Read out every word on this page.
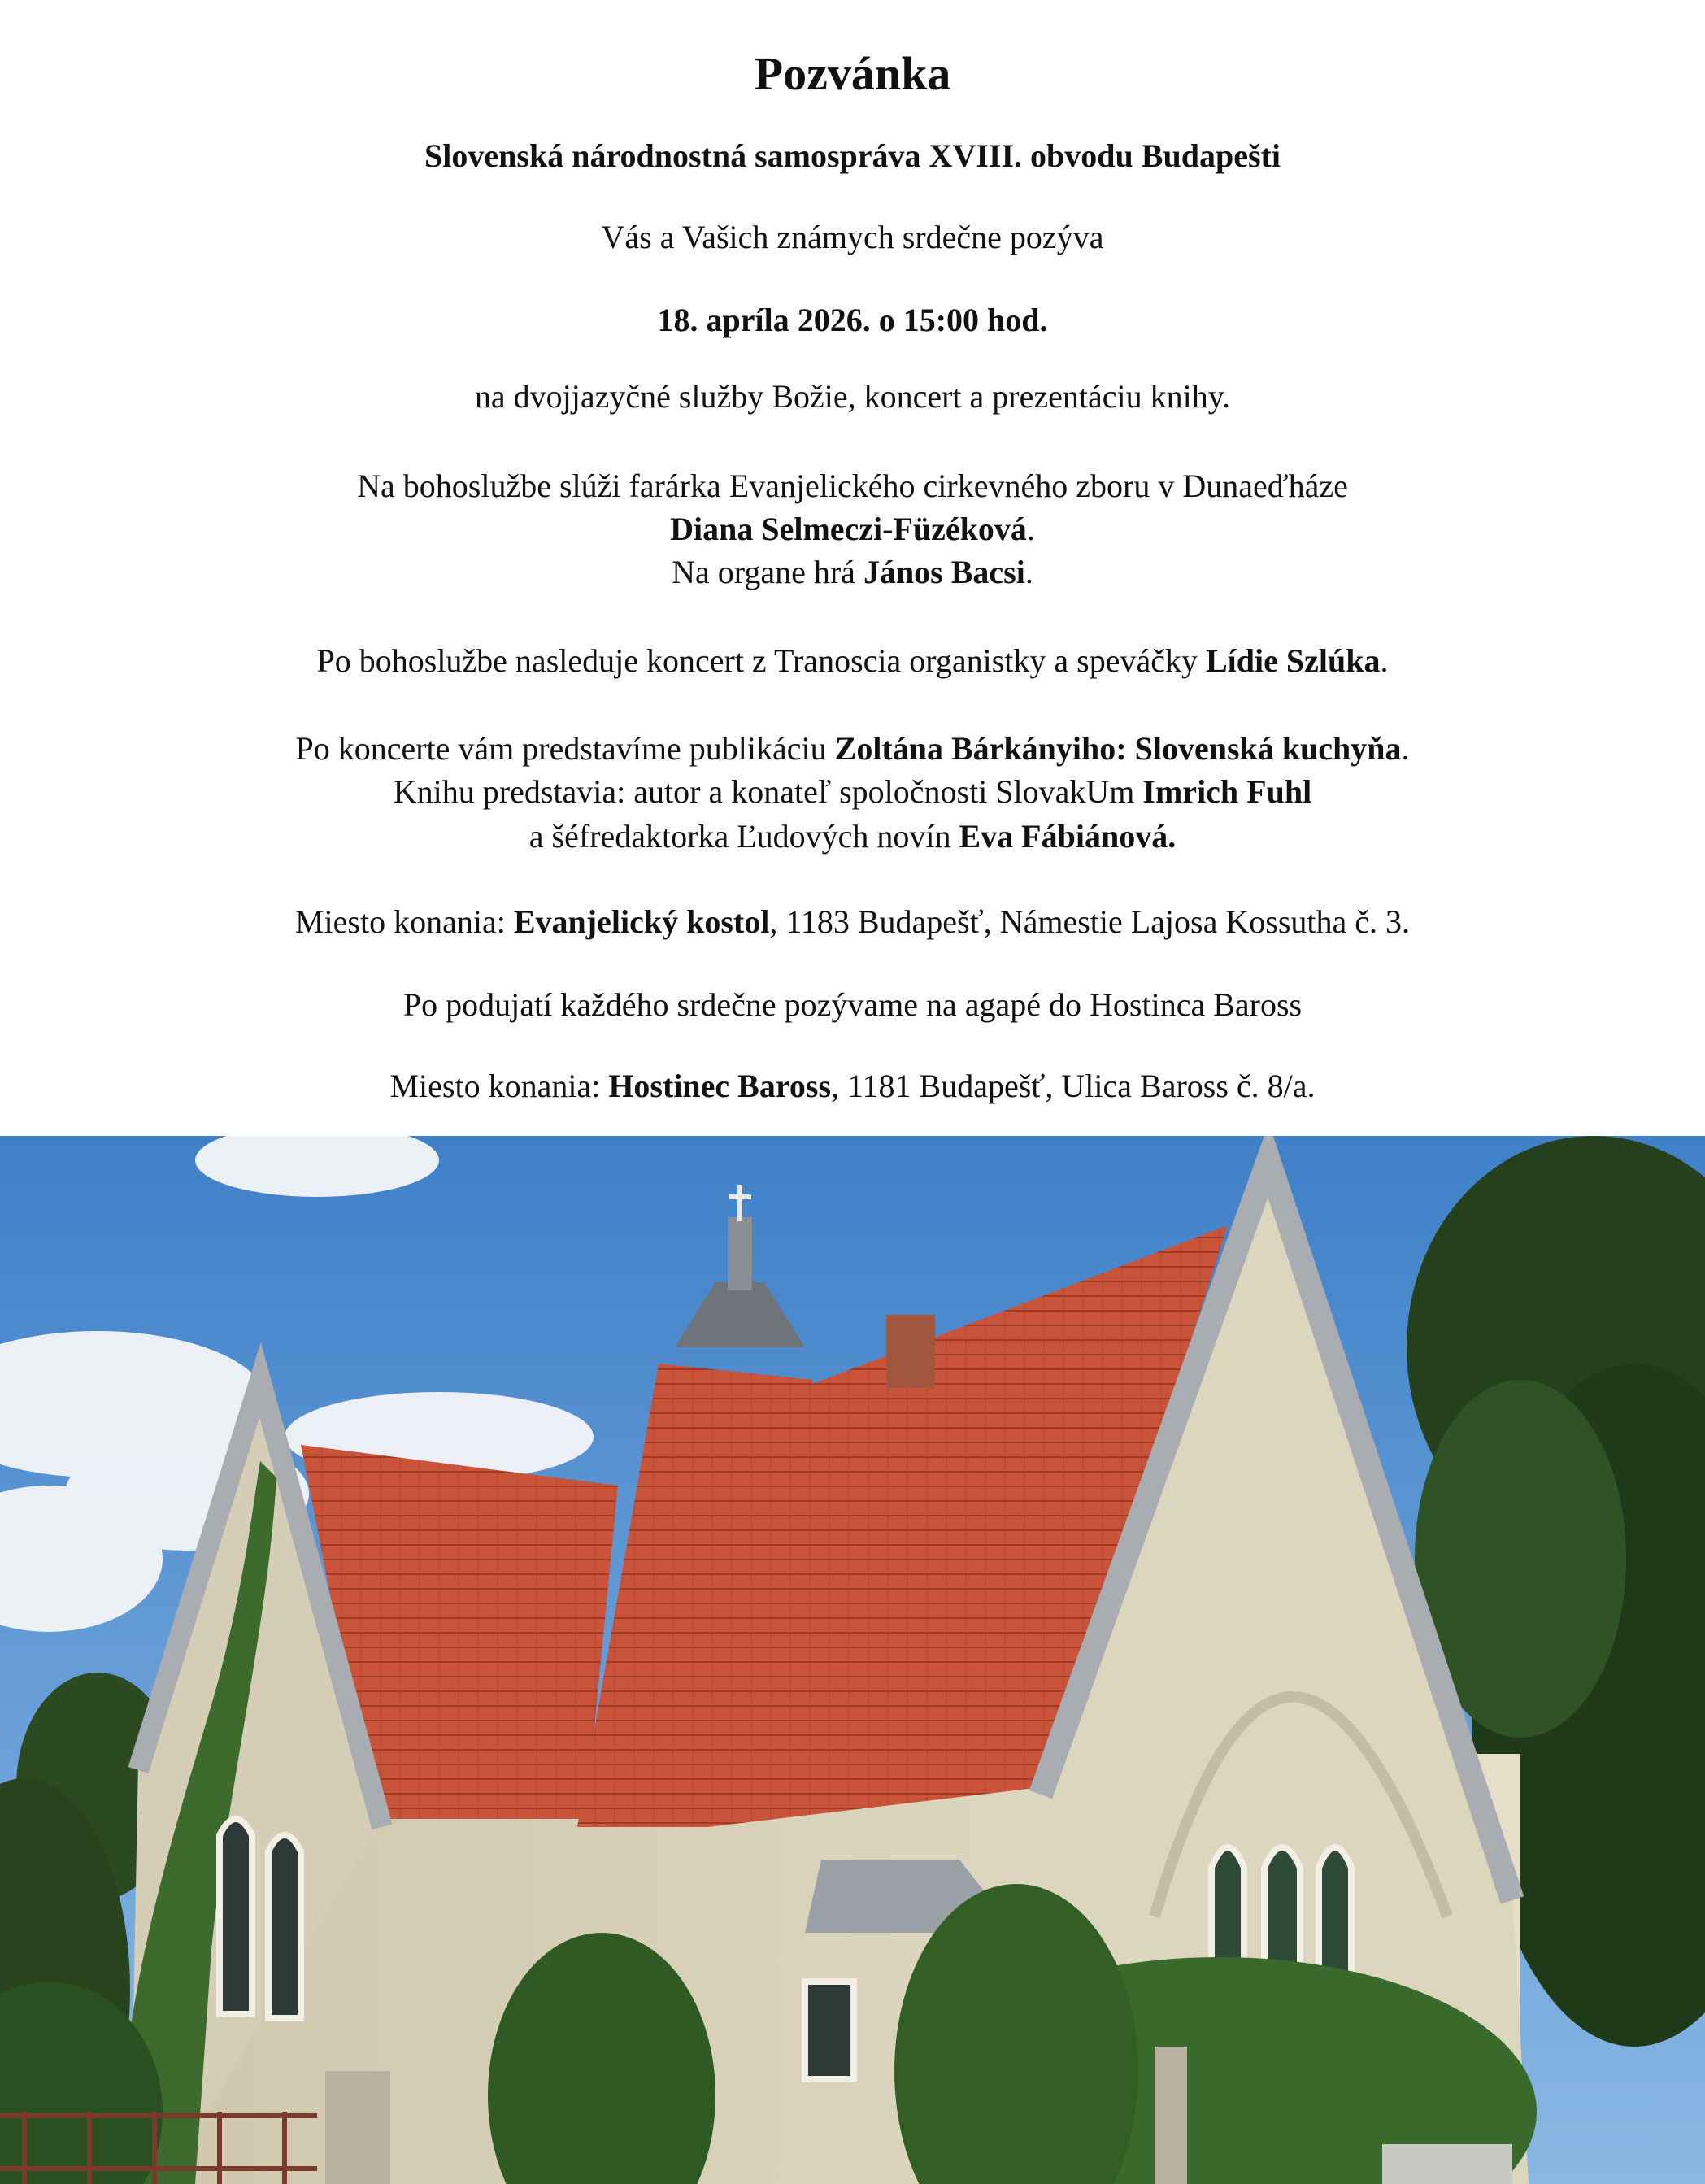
Pozvánka
Slovenská národnostná samospráva XVIII. obvodu Budapešti
Vás a Vašich známych srdečne pozýva
18. apríla 2026. o 15:00 hod.
na dvojjazyčné služby Božie, koncert a prezentáciu knihy.
Na bohoslužbe slúži farárka Evanjelického cirkevného zboru v Dunaeďháze
Diana Selmeczi-Füzéková.
Na organe hrá János Bacsi.
Po bohoslužbe nasleduje koncert z Tranoscia organistky a speváčky Lídie Szlúka.
Po koncerte vám predstavíme publikáciu Zoltána Bárkányiho: Slovenská kuchyňa.
Knihu predstavia: autor a konateľ spoločnosti SlovakUm Imrich Fuhl
a šéfredaktorka Ľudových novín Eva Fábiánová.
Miesto konania: Evanjelický kostol, 1183 Budapešť, Námestie Lajosa Kossutha č. 3.
Po podujatí každého srdečne pozývame na agapé do Hostinca Baross
Miesto konania: Hostinec Baross, 1181 Budapešť, Ulica Baross č. 8/a.
